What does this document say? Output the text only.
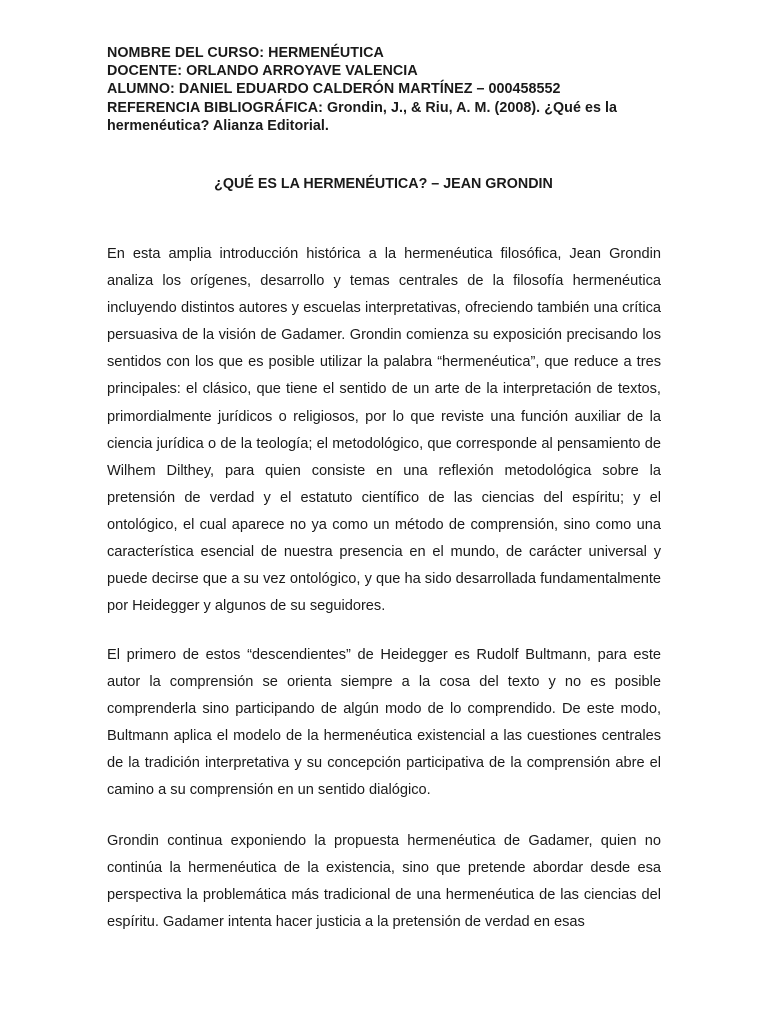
NOMBRE DEL CURSO: HERMENÉUTICA
DOCENTE: ORLANDO ARROYAVE VALENCIA
ALUMNO: DANIEL EDUARDO CALDERÓN MARTÍNEZ – 000458552
REFERENCIA BIBLIOGRÁFICA: Grondin, J., & Riu, A. M. (2008). ¿Qué es la hermenéutica? Alianza Editorial.
¿QUÉ ES LA HERMENÉUTICA? – JEAN GRONDIN

En esta amplia introducción histórica a la hermenéutica filosófica, Jean Grondin analiza los orígenes, desarrollo y temas centrales de la filosofía hermenéutica incluyendo distintos autores y escuelas interpretativas, ofreciendo también una crítica persuasiva de la visión de Gadamer. Grondin comienza su exposición precisando los sentidos con los que es posible utilizar la palabra “hermenéutica”, que reduce a tres principales: el clásico, que tiene el sentido de un arte de la interpretación de textos, primordialmente jurídicos o religiosos, por lo que reviste una función auxiliar de la ciencia jurídica o de la teología; el metodológico, que corresponde al pensamiento de Wilhem Dilthey, para quien consiste en una reflexión metodológica sobre la pretensión de verdad y el estatuto científico de las ciencias del espíritu; y el ontológico, el cual aparece no ya como un método de comprensión, sino como una característica esencial de nuestra presencia en el mundo, de carácter universal y puede decirse que a su vez ontológico, y que ha sido desarrollada fundamentalmente por Heidegger y algunos de su seguidores.

El primero de estos “descendientes” de Heidegger es Rudolf Bultmann, para este autor la comprensión se orienta siempre a la cosa del texto y no es posible comprenderla sino participando de algún modo de lo comprendido. De este modo, Bultmann aplica el modelo de la hermenéutica existencial a las cuestiones centrales de la tradición interpretativa y su concepción participativa de la comprensión abre el camino a su comprensión en un sentido dialógico.

Grondin continua exponiendo la propuesta hermenéutica de Gadamer, quien no continúa la hermenéutica de la existencia, sino que pretende abordar desde esa perspectiva la problemática más tradicional de una hermenéutica de las ciencias del espíritu. Gadamer intenta hacer justicia a la pretensión de verdad en esas
